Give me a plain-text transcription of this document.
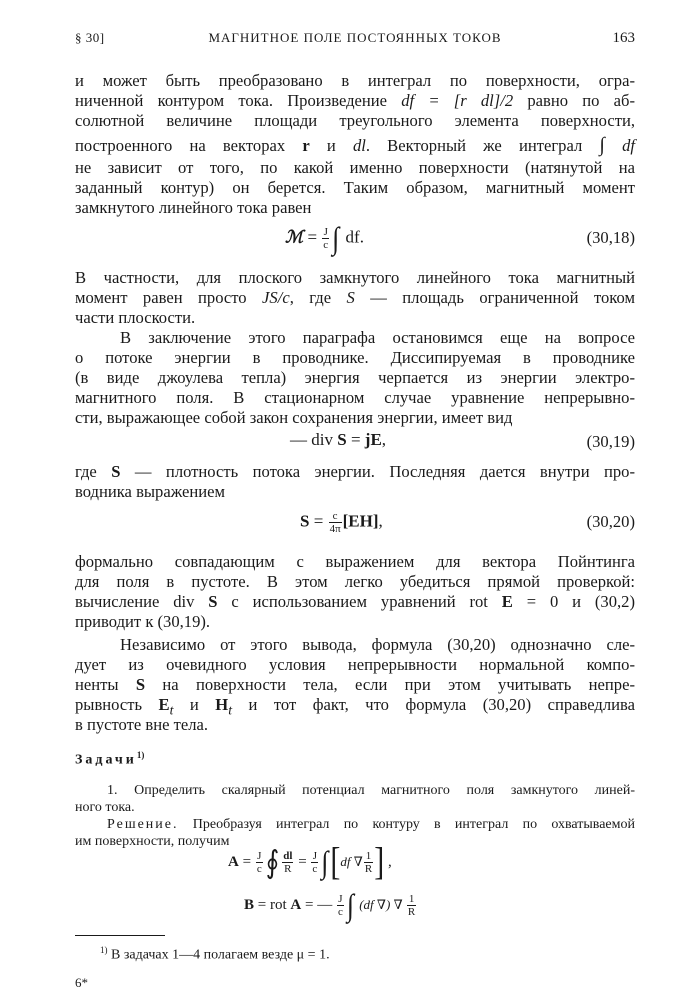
§ 30]	МАГНИТНОЕ ПОЛЕ ПОСТОЯННЫХ ТОКОВ	163
и может быть преобразовано в интеграл по поверхности, огра-
ниченной контуром тока. Произведение df = [r dl]/2 равно по аб-
солютной величине площади треугольного элемента поверхности,
построенного на векторах r и dl. Векторный же интеграл ∫ df
не зависит от того, по какой именно поверхности (натянутой на
заданный контур) он берется. Таким образом, магнитный момент
замкнутого линейного тока равен
ℳ = $\frac{J}{c}$ ∫ df.	(30,18)
В частности, для плоского замкнутого линейного тока магнитный
момент равен просто JS/c, где S — площадь ограниченной током
части плоскости.
В заключение этого параграфа остановимся еще на вопросе
о потоке энергии в проводнике. Диссипируемая в проводнике
(в виде джоулева тепла) энергия черпается из энергии электро-
магнитного поля. В стационарном случае уравнение непрерывно-
сти, выражающее собой закон сохранения энергии, имеет вид
— div S = jE,	(30,19)
где S — плотность потока энергии. Последняя дается внутри про-
водника выражением
$S = \frac{c}{4\pi} [EH]$,	(30,20)
формально совпадающим с выражением для вектора Пойнтинга
для поля в пустоте. В этом легко убедиться прямой проверкой:
вычисление div S с использованием уравнений rot E = 0 и (30,2)
приводит к (30,19).
Независимо от этого вывода, формула (30,20) однозначно сле-
дует из очевидного условия непрерывности нормальной компо-
ненты S на поверхности тела, если при этом учитывать непре-
рывность $E_t$ и $H_t$ и тот факт, что формула (30,20) справедлива
в пустоте вне тела.
Задачи$^{1)}$
1. Определить скалярный потенциал магнитного поля замкнутого линей-
ного тока.
Решение. Преобразуя интеграл по контуру в интеграл по охватываемой
им поверхности, получим
$A = \frac{J}{c}$ ∮ $\frac{dl}{R} = \frac{J}{c} \int[df$ ∇ $\frac{1}{R}$ ] ,
B = rot A = — $\frac{J}{c}$ ∫ (df ∇) ∇ $\frac{1}{R}$
$^{1)}$ В задачах 1—4 полагаем везде μ = 1.
6*
